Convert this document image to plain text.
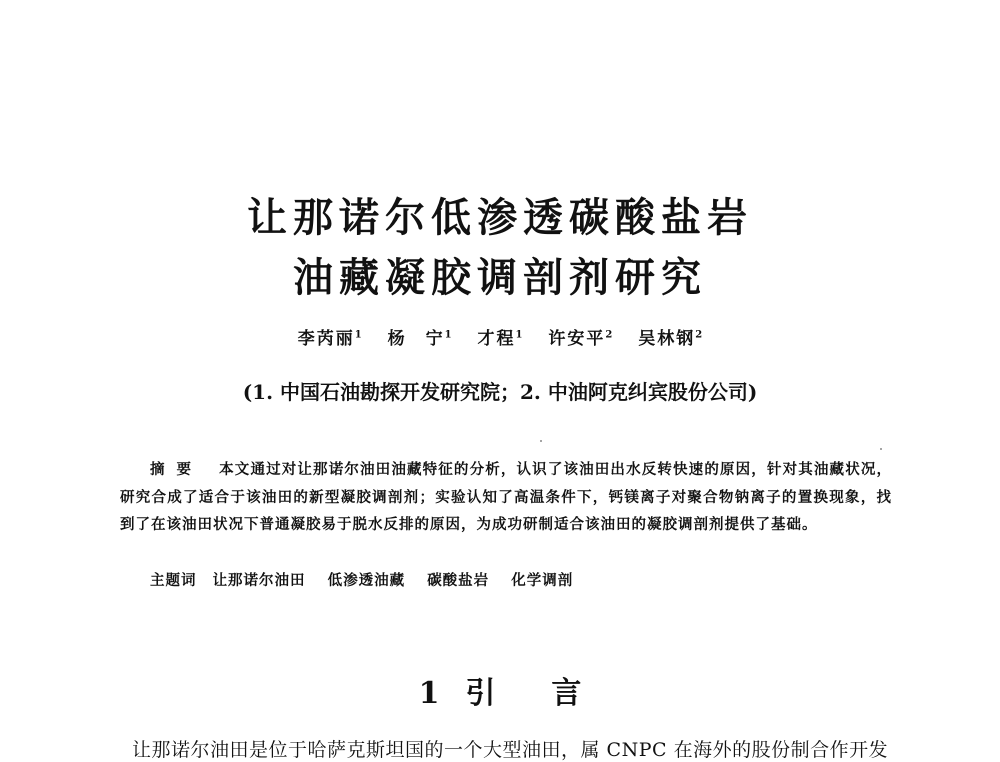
让那诺尔低渗透碳酸盐岩
油藏凝胶调剖剂研究
李芮丽$^1$ 杨　宁$^1$ 才程$^1$ 许安平$^2$ 吴林钢$^2$
(1. 中国石油勘探开发研究院；2. 中油阿克纠宾股份公司)
摘要 本文通过对让那诺尔油田油藏特征的分析，认识了该油田出水反转快速的原因，针对其油藏状况，研究合成了适合于该油田的新型凝胶调剖剂；实验认知了高温条件下，钙镁离子对聚合物钠离子的置换现象，找到了在该油田状况下普通凝胶易于脱水反排的原因，为成功研制适合该油田的凝胶调剖剂提供了基础。
主题词 让那诺尔油田 低渗透油藏 碳酸盐岩 化学调剖
1 引言
让那诺尔油田是位于哈萨克斯坦国的一个大型油田，属 CNPC 在海外的股份制合作开发
